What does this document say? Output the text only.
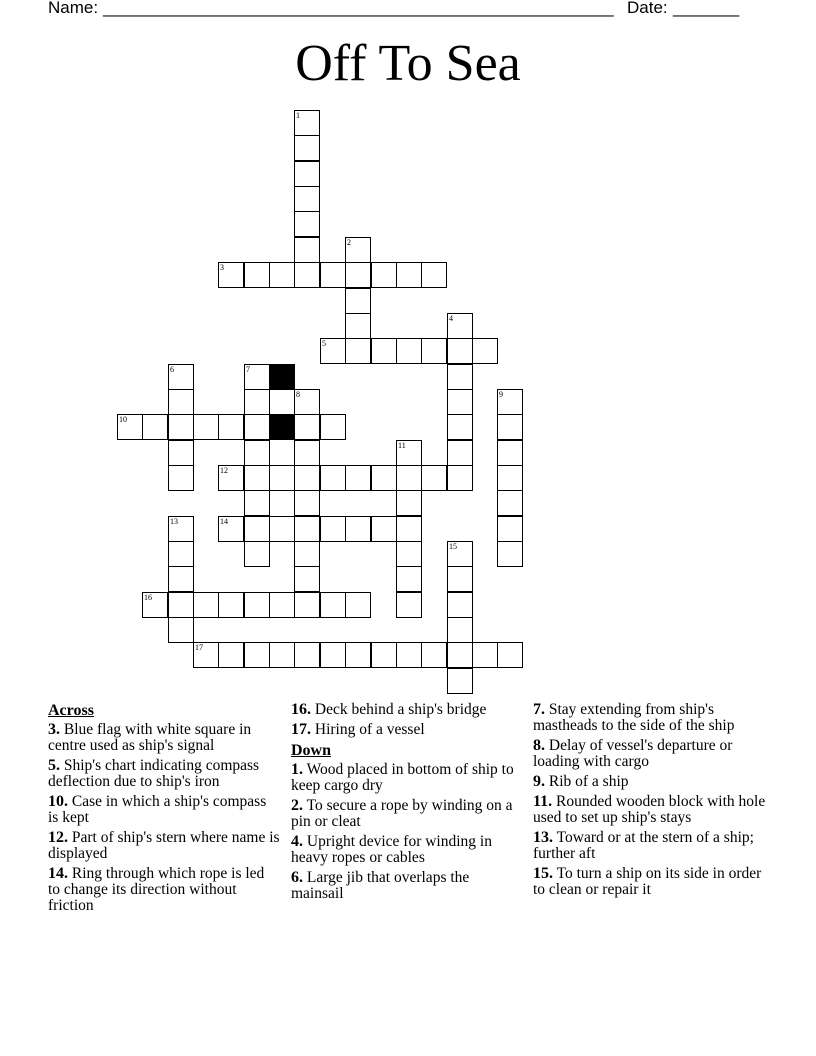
Name: ______________________________________________________ Date: _______
Off To Sea
1
2
3
4
5
6	7
8	9
10
11
12
13	14
15
16
17
Across
3. Blue flag with white square in centre used as ship's signal
5. Ship's chart indicating compass deflection due to ship's iron
10. Case in which a ship's compass is kept
12. Part of ship's stern where name is displayed
14. Ring through which rope is led to change its direction without friction
16. Deck behind a ship's bridge
17. Hiring of a vessel
Down
1. Wood placed in bottom of ship to keep cargo dry
2. To secure a rope by winding on a pin or cleat
4. Upright device for winding in heavy ropes or cables
6. Large jib that overlaps the mainsail
7. Stay extending from ship's mastheads to the side of the ship
8. Delay of vessel's departure or loading with cargo
9. Rib of a ship
11. Rounded wooden block with hole used to set up ship's stays
13. Toward or at the stern of a ship; further aft
15. To turn a ship on its side in order to clean or repair it
